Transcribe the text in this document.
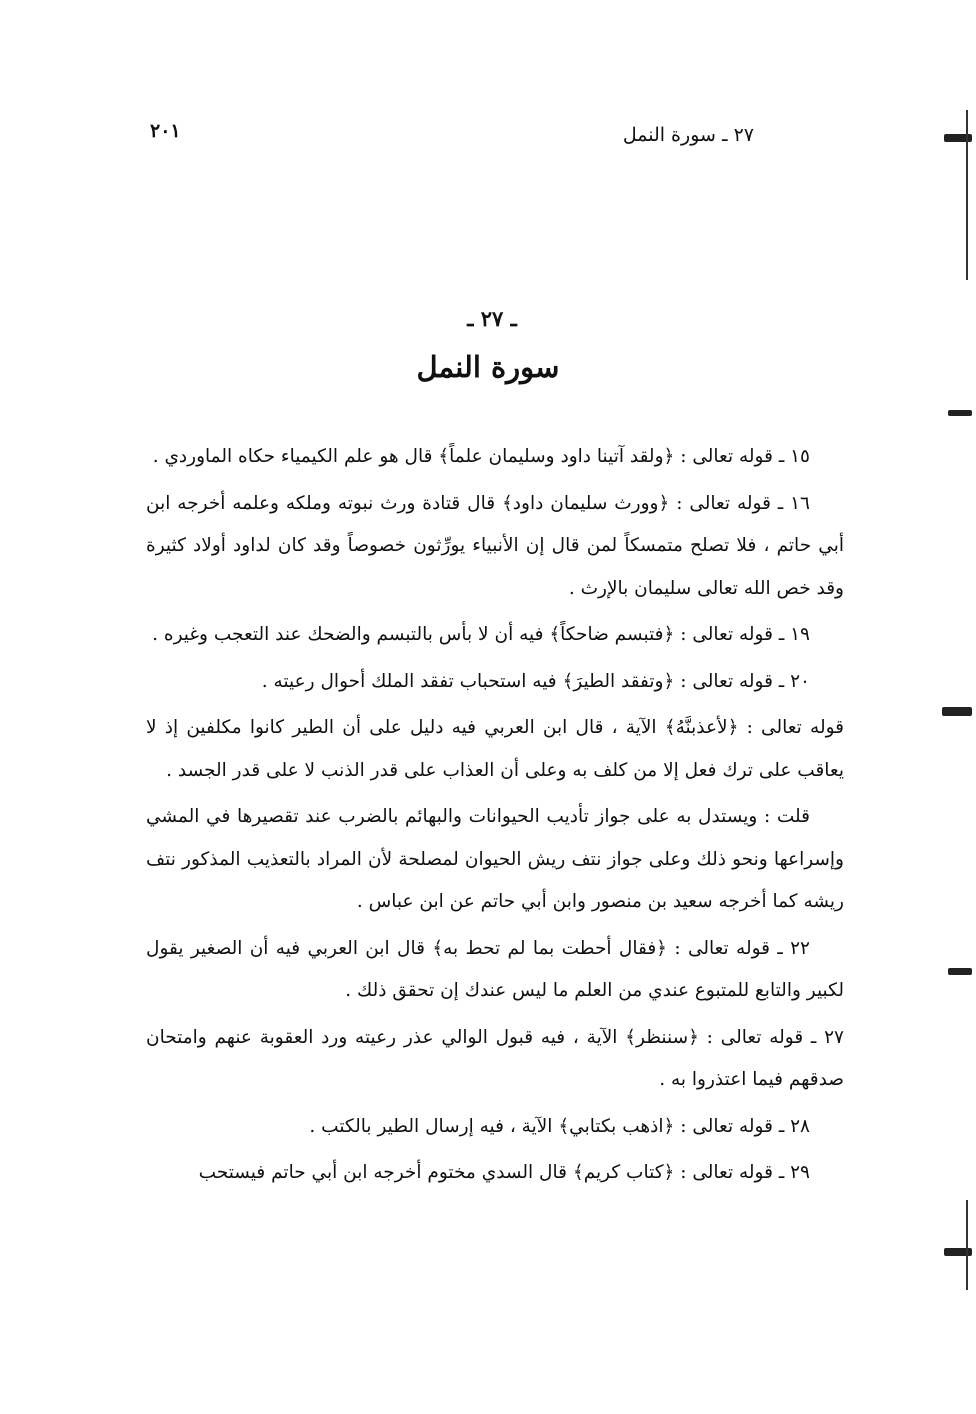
٢٠١	٢٧ ـ سورة النمل
ـ ٢٧ ـ
سورة النمل

١٥ ـ قوله تعالى : ﴿ولقد آتينا داود وسليمان علماً﴾ قال هو علم الكيمياء حكاه الماوردي .

١٦ ـ قوله تعالى : ﴿وورث سليمان داود﴾ قال قتادة ورث نبوته وملكه وعلمه أخرجه ابن أبي حاتم ، فلا تصلح متمسكاً لمن قال إن الأنبياء يورِّثون خصوصاً وقد كان لداود أولاد كثيرة وقد خص الله تعالى سليمان بالإرث .

١٩ ـ قوله تعالى : ﴿فتبسم ضاحكاً﴾ فيه أن لا بأس بالتبسم والضحك عند التعجب وغيره .

٢٠ ـ قوله تعالى : ﴿وتفقد الطيرَ﴾ فيه استحباب تفقد الملك أحوال رعيته .

قوله تعالى : ﴿لأعذبنَّهُ﴾ الآية ، قال ابن العربي فيه دليل على أن الطير كانوا مكلفين إذ لا يعاقب على ترك فعل إلا من كلف به وعلى أن العذاب على قدر الذنب لا على قدر الجسد .

قلت : ويستدل به على جواز تأديب الحيوانات والبهائم بالضرب عند تقصيرها في المشي وإسراعها ونحو ذلك وعلى جواز نتف ريش الحيوان لمصلحة لأن المراد بالتعذيب المذكور نتف ريشه كما أخرجه سعيد بن منصور وابن أبي حاتم عن ابن عباس .

٢٢ ـ قوله تعالى : ﴿فقال أحطت بما لم تحط به﴾ قال ابن العربي فيه أن الصغير يقول لكبير والتابع للمتبوع عندي من العلم ما ليس عندك إن تحقق ذلك .

٢٧ ـ قوله تعالى : ﴿سننظر﴾ الآية ، فيه قبول الوالي عذر رعيته ورد العقوبة عنهم وامتحان صدقهم فيما اعتذروا به .

٢٨ ـ قوله تعالى : ﴿اذهب بكتابي﴾ الآية ، فيه إرسال الطير بالكتب .

٢٩ ـ قوله تعالى : ﴿كتاب كريم﴾ قال السدي مختوم أخرجه ابن أبي حاتم فيستحب
